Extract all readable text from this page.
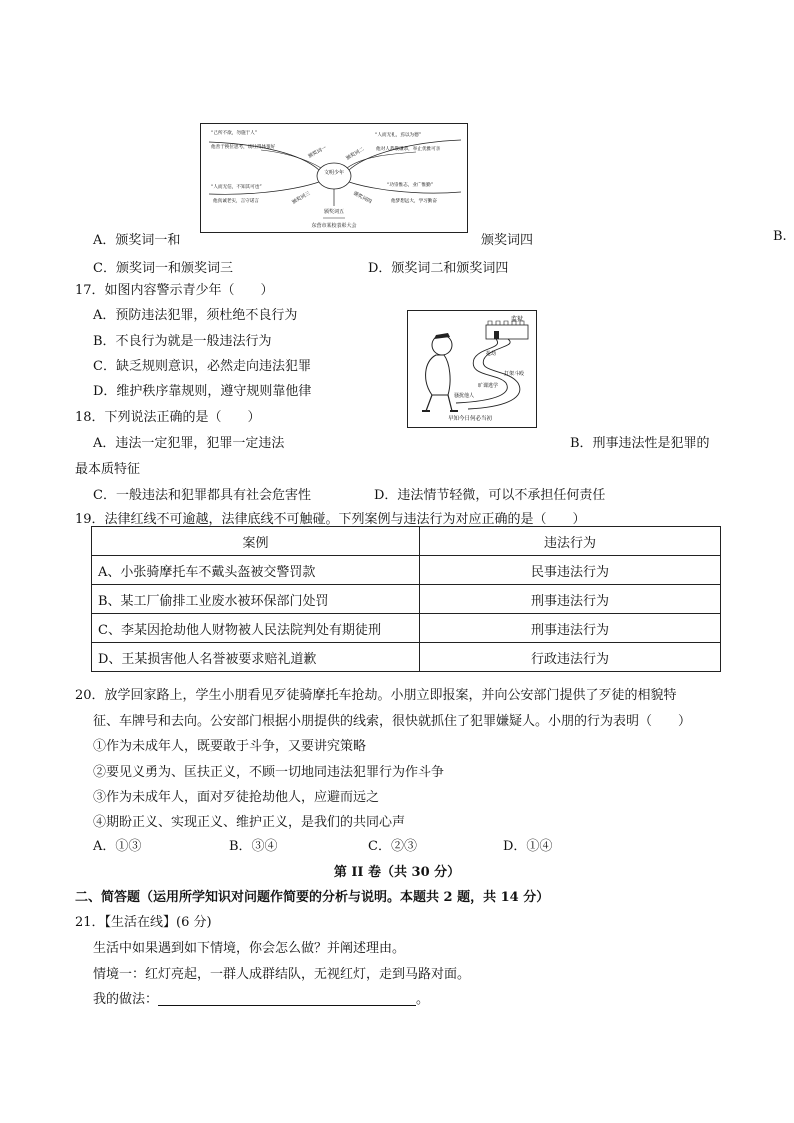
文明少年
“己所不欲，勿施于人”
他善于换位思考，谈吐得体很好
“人而无礼，焉以为德”
他对人恭敬谦恭，举止优雅可亲
“人而无信，不知其可也”
他真诚老实，言守诺言
“功崇惟志，业广惟勤”
他梦想远大，学习勤奋
颁奖词一	颁奖词二
颁奖词三	颁奖词四
颁奖词五
东营市某校表彰大会
A．颁奖词一和	颁奖词四	B.
C．颁奖词一和颁奖词三	D．颁奖词二和颁奖词四
17．如图内容警示青少年（　　）
A．预防违法犯罪，须杜绝不良行为
B．不良行为就是一般违法行为
C．缺乏规则意识，必然走向违法犯罪
D．维护秩序靠规则，遵守规则靠他律
监狱
抢劫
打架斗殴
旷课逃学
骚扰他人
早知今日何必当初
18．下列说法正确的是（　　）
A．违法一定犯罪，犯罪一定违法	B．刑事违法性是犯罪的
最本质特征
C．一般违法和犯罪都具有社会危害性	D．违法情节轻微，可以不承担任何责任
19．法律红线不可逾越，法律底线不可触碰。下列案例与违法行为对应正确的是（　　）
案例	违法行为
A、小张骑摩托车不戴头盔被交警罚款	民事违法行为
B、某工厂偷排工业废水被环保部门处罚	刑事违法行为
C、李某因抢劫他人财物被人民法院判处有期徒刑	刑事违法行为
D、王某损害他人名誉被要求赔礼道歉	行政违法行为
20．放学回家路上，学生小朋看见歹徒骑摩托车抢劫。小朋立即报案，并向公安部门提供了歹徒的相貌特
征、车牌号和去向。公安部门根据小朋提供的线索，很快就抓住了犯罪嫌疑人。小朋的行为表明（　　）
①作为未成年人，既要敢于斗争，又要讲究策略
②要见义勇为、匡扶正义，不顾一切地同违法犯罪行为作斗争
③作为未成年人，面对歹徒抢劫他人，应避而远之
④期盼正义、实现正义、维护正义，是我们的共同心声
A．①③	B．③④	C．②③	D．①④
第 II 卷（共 30 分）
二、简答题（运用所学知识对问题作简要的分析与说明。本题共 2 题，共 14 分）
21．【生活在线】(6 分)
生活中如果遇到如下情境，你会怎么做？并阐述理由。
情境一：红灯亮起，一群人成群结队，无视红灯，走到马路对面。
我的做法：	。
